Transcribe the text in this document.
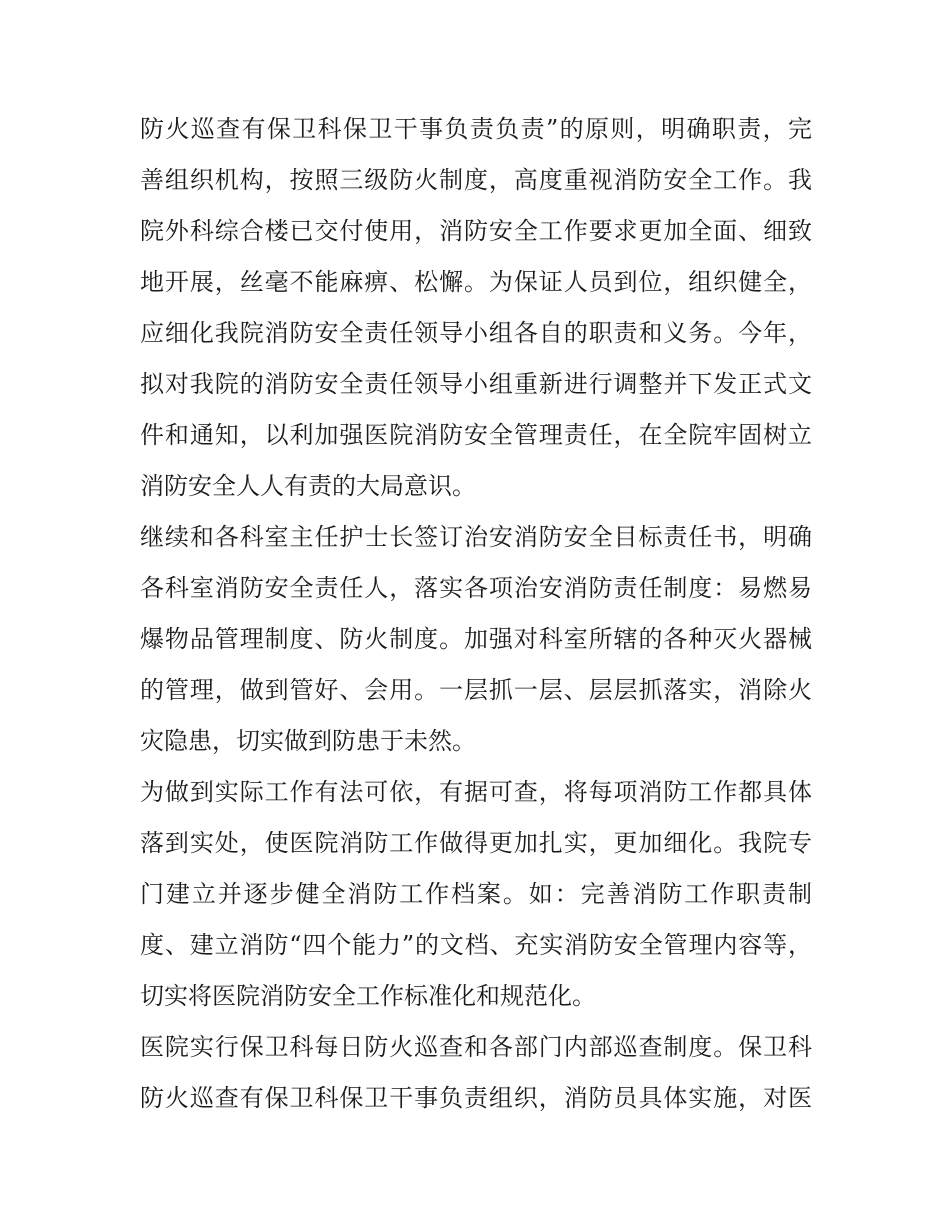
防火巡查有保卫科保卫干事负责负责”的原则，明确职责，完
善组织机构，按照三级防火制度，高度重视消防安全工作。我
院外科综合楼已交付使用，消防安全工作要求更加全面、细致
地开展，丝毫不能麻痹、松懈。为保证人员到位，组织健全，
应细化我院消防安全责任领导小组各自的职责和义务。今年，
拟对我院的消防安全责任领导小组重新进行调整并下发正式文
件和通知，以利加强医院消防安全管理责任，在全院牢固树立
消防安全人人有责的大局意识。
继续和各科室主任护士长签订治安消防安全目标责任书，明确
各科室消防安全责任人，落实各项治安消防责任制度：易燃易
爆物品管理制度、防火制度。加强对科室所辖的各种灭火器械
的管理，做到管好、会用。一层抓一层、层层抓落实，消除火
灾隐患，切实做到防患于未然。
为做到实际工作有法可依，有据可查，将每项消防工作都具体
落到实处，使医院消防工作做得更加扎实，更加细化。我院专
门建立并逐步健全消防工作档案。如：完善消防工作职责制
度、建立消防“四个能力”的文档、充实消防安全管理内容等，
切实将医院消防安全工作标准化和规范化。
医院实行保卫科每日防火巡查和各部门内部巡查制度。保卫科
防火巡查有保卫科保卫干事负责组织，消防员具体实施，对医
